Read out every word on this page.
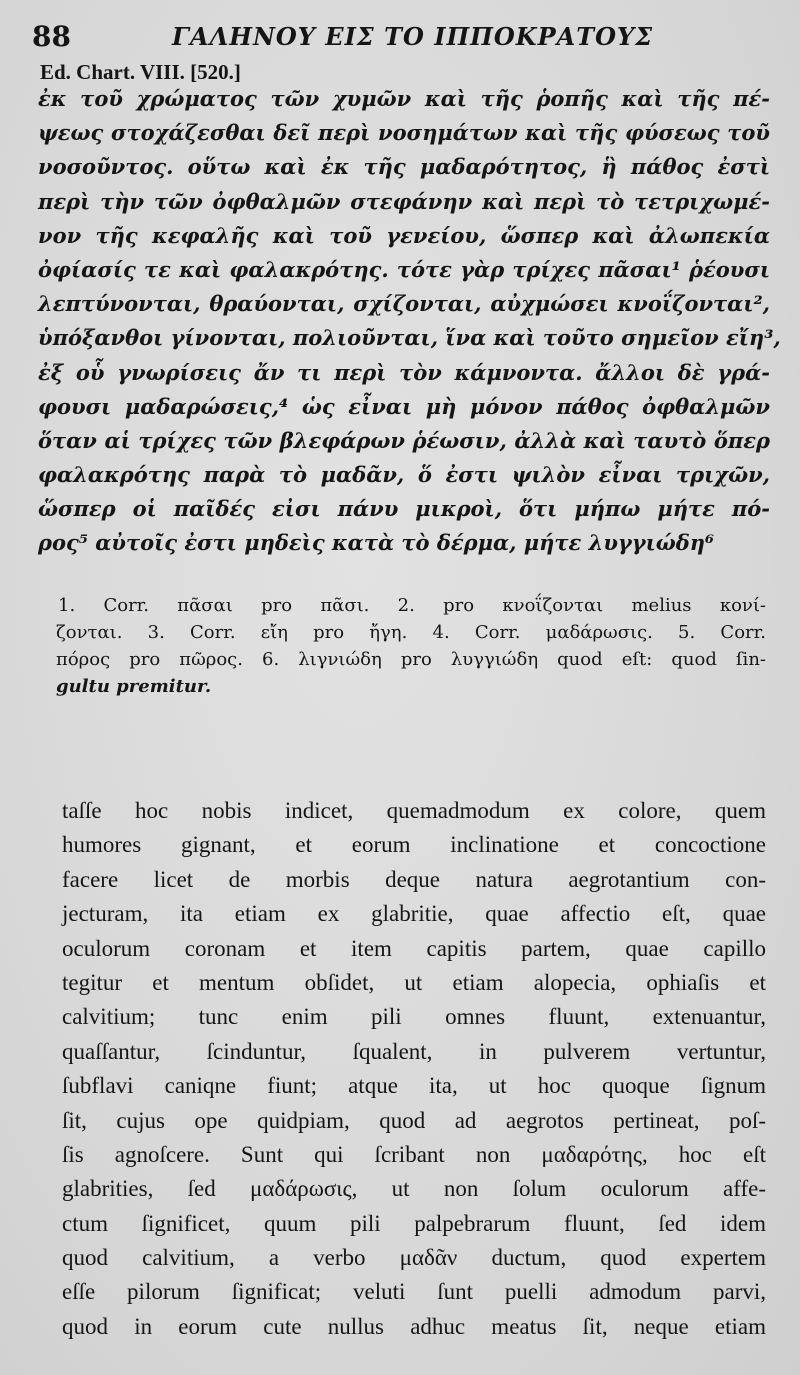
88	ΓΑΛΗΝΟΥ ΕΙΣ ΤΟ ΙΠΠΟΚΡΑΤΟΥΣ
Ed. Chart. VIII. [520.]
ἐκ τοῦ χρώματος τῶν χυμῶν καὶ τῆς ῥοπῆς καὶ τῆς πέ-
ψεως στοχάζεσθαι δεῖ περὶ νοσημάτων καὶ τῆς φύσεως τοῦ
νοσοῦντος. οὕτω καὶ ἐκ τῆς μαδαρότητος, ἣ πάθος ἐστὶ
περὶ τὴν τῶν ὀφθαλμῶν στεφάνην καὶ περὶ τὸ τετριχωμέ-
νον τῆς κεφαλῆς καὶ τοῦ γενείου, ὥσπερ καὶ ἀλωπεκία
ὀφίασίς τε καὶ φαλακρότης. τότε γὰρ τρίχες πᾶσαι¹ ῥέουσι
λεπτύνονται, θραύονται, σχίζονται, αὐχμώσει κνοΐζονται²,
ὑπόξανθοι γίνονται, πολιοῦνται, ἵνα καὶ τοῦτο σημεῖον εἴη³,
ἐξ οὗ γνωρίσεις ἄν τι περὶ τὸν κάμνοντα. ἄλλοι δὲ γρά-
φουσι μαδαρώσεις,⁴ ὡς εἶναι μὴ μόνον πάθος ὀφθαλμῶν
ὅταν αἱ τρίχες τῶν βλεφάρων ῥέωσιν, ἀλλὰ καὶ ταυτὸ ὅπερ
φαλακρότης παρὰ τὸ μαδᾶν, ὅ ἐστι ψιλὸν εἶναι τριχῶν,
ὥσπερ οἱ παῖδές εἰσι πάνυ μικροὶ, ὅτι μήπω μήτε πό-
ρος⁵ αὐτοῖς ἐστι μηδεὶς κατὰ τὸ δέρμα, μήτε λυγγιώδη⁶
1. Corr. πᾶσαι pro πᾶσι. 2. pro κνοΐζονται melius κονί-
ζονται. 3. Corr. εἴη pro ἤγη. 4. Corr. μαδάρωσις. 5. Corr.
πόρος pro πῶρος. 6. λιγνιώδη pro λυγγιώδη quod eſt: quod ſin-
gultu premitur.
taſſe hoc nobis indicet, quemadmodum ex colore, quem
humores gignant, et eorum inclinatione et concoctione
facere licet de morbis deque natura aegrotantium con-
jecturam, ita etiam ex glabritie, quae affectio eſt, quae
oculorum coronam et item capitis partem, quae capillo
tegitur et mentum obſidet, ut etiam alopecia, ophiaſis et
calvitium; tunc enim pili omnes fluunt, extenuantur,
quaſſantur, ſcinduntur, ſqualent, in pulverem vertuntur,
ſubflavi caniqne fiunt; atque ita, ut hoc quoque ſignum
ſit, cujus ope quidpiam, quod ad aegrotos pertineat, poſ-
ſis agnoſcere. Sunt qui ſcribant non μαδαρότης, hoc eſt
glabrities, ſed μαδάρωσις, ut non ſolum oculorum affe-
ctum ſignificet, quum pili palpebrarum fluunt, ſed idem
quod calvitium, a verbo μαδᾶν ductum, quod expertem
eſſe pilorum ſignificat; veluti ſunt puelli admodum parvi,
quod in eorum cute nullus adhuc meatus ſit, neque etiam
